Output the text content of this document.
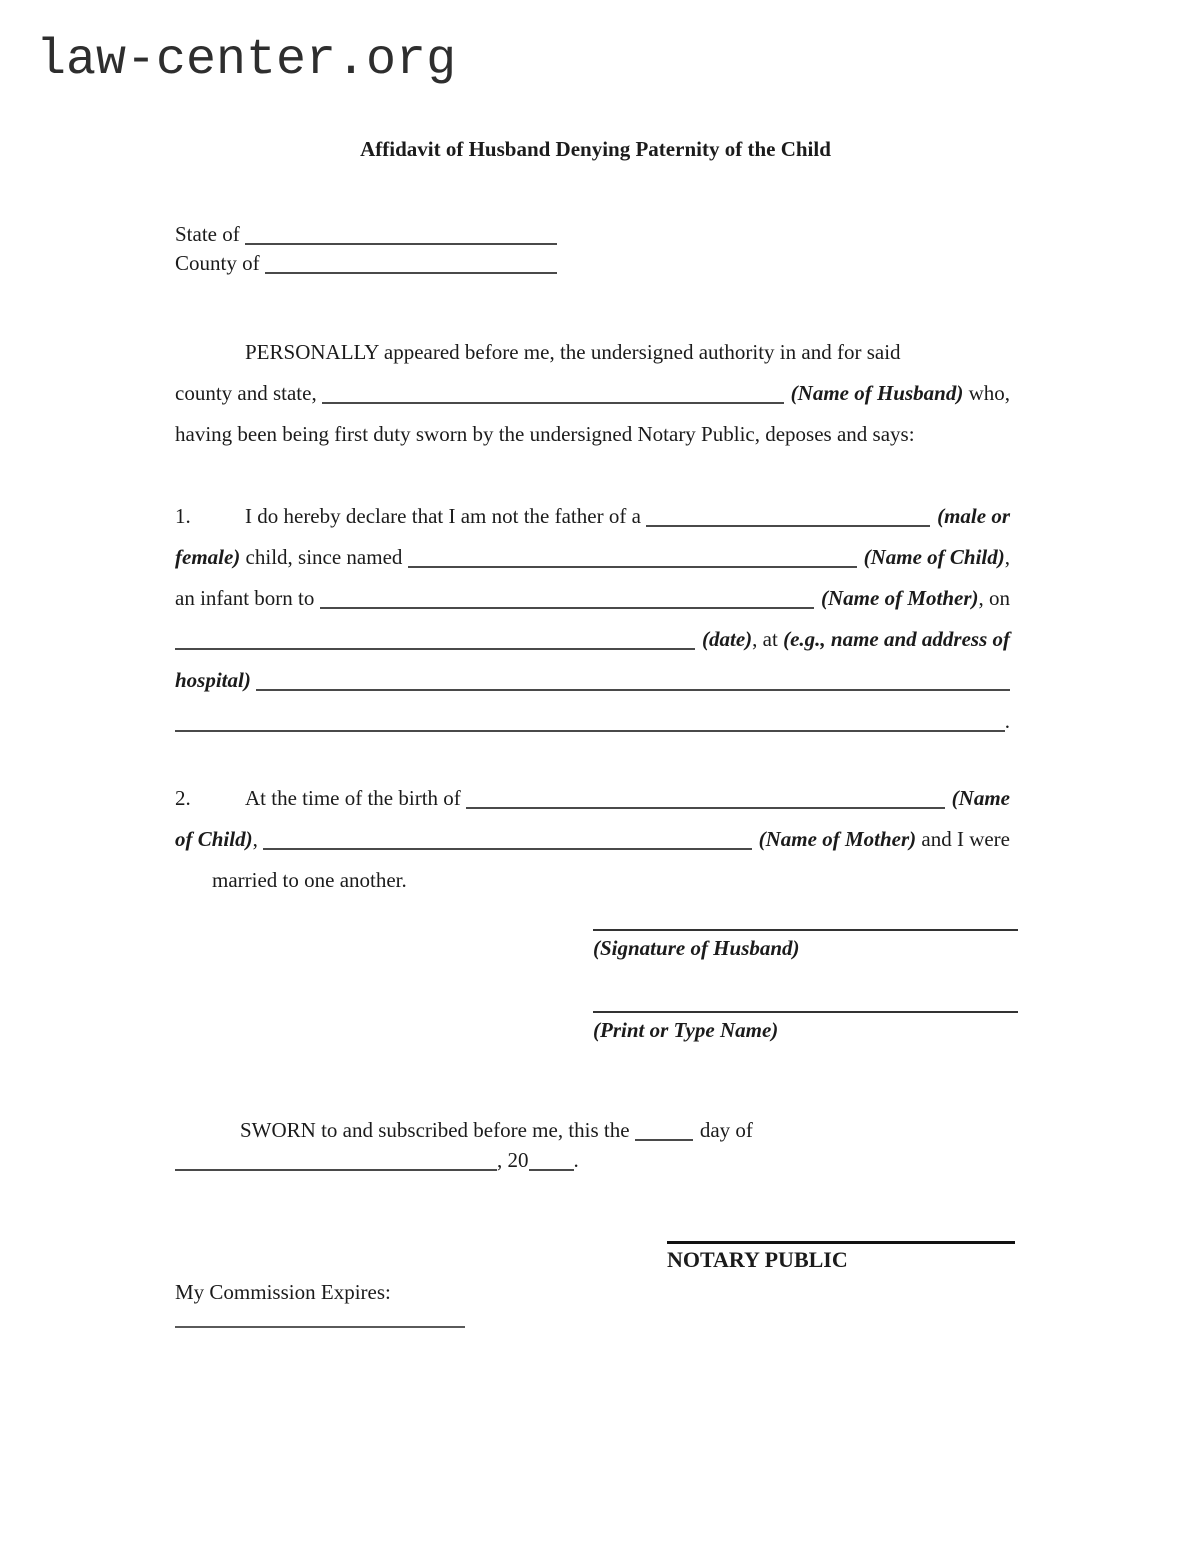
law-center.org
Affidavit of Husband Denying Paternity of the Child
State of
County of
PERSONALLY appeared before me, the undersigned authority in and for said
county and state,	(Name of Husband) who,
having been being first duty sworn by the undersigned Notary Public, deposes and says:
1.	I do hereby declare that I am not the father of a	(male or
female) child, since named	(Name of Child) ,
an infant born to	(Name of Mother) , on
(date) , at (e.g., name and address of
hospital)
.
2.	At the time of the birth of	(Name
of Child) ,	(Name of Mother) and I were
married to one another.
(Signature of Husband)
(Print or Type Name)
SWORN to and subscribed before me, this the	day of
, 20 .
NOTARY PUBLIC
My Commission Expires:
